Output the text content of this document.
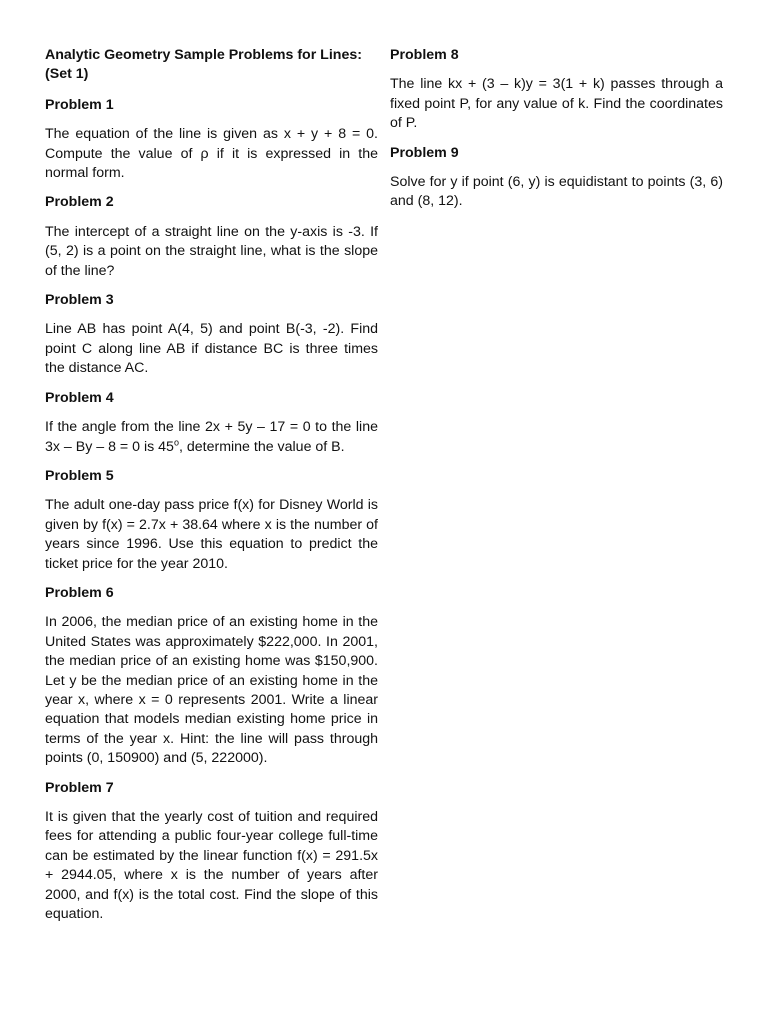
Analytic Geometry Sample Problems for Lines: (Set 1)
Problem 1
The equation of the line is given as x + y + 8 = 0. Compute the value of ρ if it is expressed in the normal form.
Problem 2
The intercept of a straight line on the y-axis is -3. If (5, 2) is a point on the straight line, what is the slope of the line?
Problem 3
Line AB has point A(4, 5) and point B(-3, -2). Find point C along line AB if distance BC is three times the distance AC.
Problem 4
If the angle from the line 2x + 5y – 17 = 0 to the line 3x – By – 8 = 0 is 45$^o$, determine the value of B.
Problem 5
The adult one-day pass price f(x) for Disney World is given by f(x) = 2.7x + 38.64 where x is the number of years since 1996. Use this equation to predict the ticket price for the year 2010.
Problem 6
In 2006, the median price of an existing home in the United States was approximately $222,000. In 2001, the median price of an existing home was $150,900. Let y be the median price of an existing home in the year x, where x = 0 represents 2001. Write a linear equation that models median existing home price in terms of the year x. Hint: the line will pass through points (0, 150900) and (5, 222000).
Problem 7
It is given that the yearly cost of tuition and required fees for attending a public four-year college full-time can be estimated by the linear function f(x) = 291.5x + 2944.05, where x is the number of years after 2000, and f(x) is the total cost. Find the slope of this equation.
Problem 8
The line kx + (3 – k)y = 3(1 + k) passes through a fixed point P, for any value of k. Find the coordinates of P.
Problem 9
Solve for y if point (6, y) is equidistant to points (3, 6) and (8, 12).
